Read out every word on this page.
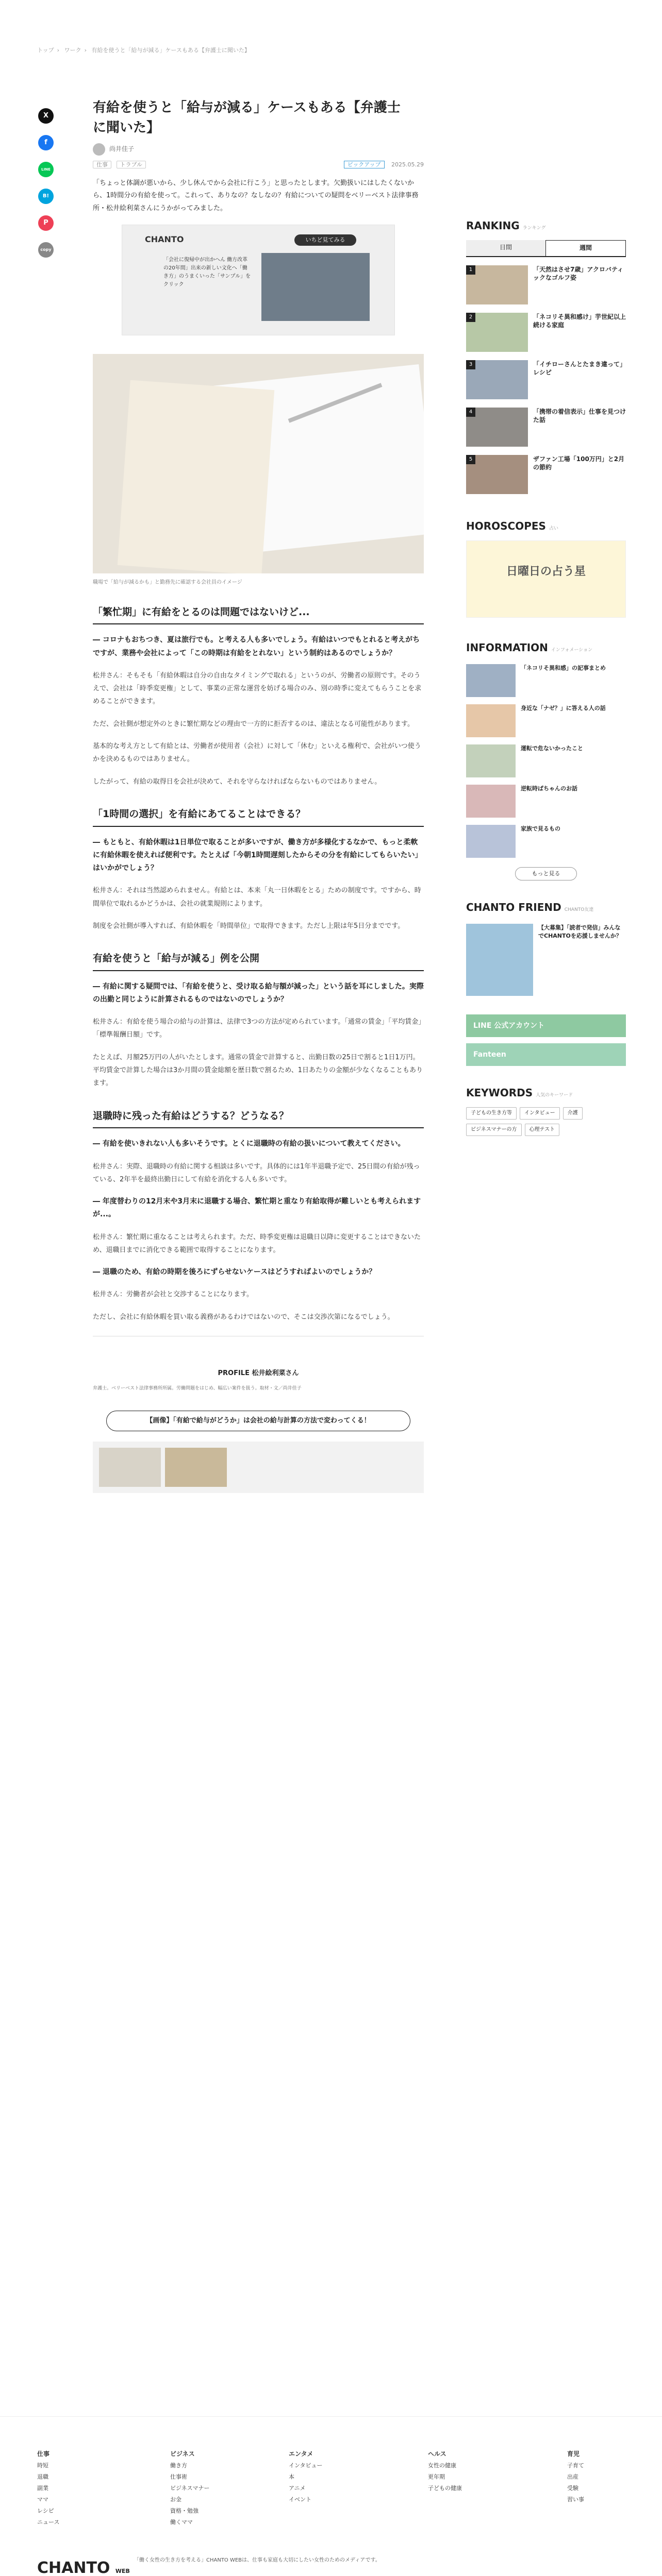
トップ › ワーク › 有給を使うと「給与が減る」ケースもある【弁護士に聞いた】
X
f
LINE
B!
P
copy
有給を使うと「給与が減る」ケースもある【弁護士に聞いた】
尚井佳子
仕事 トラブル	ピックアップ 2025.05.29

「ちょっと体調が悪いから、少し休んでから会社に行こう」と思ったとします。欠勤扱いにはしたくないから、1時間分の有給を使って。これって、ありなの？なしなの？有給についての疑問をベリーベスト法律事務所・松井絵利菜さんにうかがってみました。

CHANTO	いちど見てみる
「会社に復帰中が出かへん 働方改革の20年間」出来の新しい文化へ「働き方」のうまくいった「サンプル」をクリック
職場で「給与が減るかも」と勤務先に確認する会社員のイメージ
「繁忙期」に有給をとるのは問題ではないけど...
― コロナもおちつき、夏は旅行でも。と考える人も多いでしょう。有給はいつでもとれると考えがちですが、業務や会社によって「この時期は有給をとれない」という制約はあるのでしょうか？

松井さん：そもそも「有給休暇は自分の自由なタイミングで取れる」というのが、労働者の原則です。そのうえで、会社は「時季変更権」として、事業の正常な運営を妨げる場合のみ、別の時季に変えてもらうことを求めることができます。

ただ、会社側が想定外のときに繁忙期などの理由で一方的に拒否するのは、違法となる可能性があります。

基本的な考え方として有給とは、労働者が使用者（会社）に対して「休む」といえる権利で、会社がいつ使うかを決めるものではありません。

したがって、有給の取得日を会社が決めて、それを守らなければならないものではありません。

「1時間の選択」を有給にあてることはできる？
― もともと、有給休暇は1日単位で取ることが多いですが、働き方が多様化するなかで、もっと柔軟に有給休暇を使えれば便利です。たとえば「今朝1時間遅刻したからその分を有給にしてもらいたい」はいかがでしょう？

松井さん：それは当然認められません。有給とは、本来「丸一日休暇をとる」ための制度です。ですから、時間単位で取れるかどうかは、会社の就業規則によります。

制度を会社側が導入すれば、有給休暇を「時間単位」で取得できます。ただし上限は年5日分までです。

有給を使うと「給与が減る」例を公開
― 有給に関する疑問では、「有給を使うと、受け取る給与額が減った」という話を耳にしました。実際の出勤と同じように計算されるものではないのでしょうか？

松井さん：有給を使う場合の給与の計算は、法律で3つの方法が定められています。「通常の賃金」「平均賃金」「標準報酬日額」です。

たとえば、月額25万円の人がいたとします。通常の賃金で計算すると、出勤日数の25日で割ると1日1万円。平均賃金で計算した場合は3か月間の賃金総額を歴日数で割るため、1日あたりの金額が少なくなることもあります。

退職時に残った有給はどうする？どうなる？
― 有給を使いきれない人も多いそうです。とくに退職時の有給の扱いについて教えてください。

松井さん：実際、退職時の有給に関する相談は多いです。具体的には1年半退職予定で、25日間の有給が残っている、2年半を最終出勤日にして有給を消化する人も多いです。

― 年度替わりの12月末や3月末に退職する場合、繁忙期と重なり有給取得が難しいとも考えられますが...。

松井さん：繁忙期に重なることは考えられます。ただ、時季変更権は退職日以降に変更することはできないため、退職日までに消化できる範囲で取得することになります。

― 退職のため、有給の時期を後ろにずらせないケースはどうすればよいのでしょうか？

松井さん：労働者が会社と交渉することになります。

ただし、会社に有給休暇を買い取る義務があるわけではないので、そこは交渉次第になるでしょう。

PROFILE 松井絵利菜さん
弁護士。ベリーベスト法律事務所所属。労働問題をはじめ、幅広い案件を扱う。取材・文／尚井佳子
【画像】「有給で給与がどうか」は会社の給与計算の方法で変わってくる！
RANKING ランキング
日間	週間
1	「天然はさせ7歳」アクロバティックなゴルフ姿
2	「ネコリそ異和感け」芋世紀以上続ける家庭
3	「イチローさんとたまき違って」レシピ
4	「携帯の着信表示」仕事を見つけた話
5	ザファン工場「100万円」と2月の節約
HOROSCOPES 占い
日曜日の占う星
INFORMATION インフォメーション
「ネコリそ異和感」の記事まとめ
身近な「ナゼ？」に答える人の話
運転で危ないかったこと
逆転時ばちゃんのお話
家族で見るもの
もっと見る
CHANTO FRIEND CHANTO友達
【大募集】「読者で発信」みんなでCHANTOを応援しませんか？
LINE 公式アカウント
Fanteen
KEYWORDS 人気のキーワード
子どもの生き方等	インタビュー	介護
ビジネスマナーの方	心理テスト
仕事
時短
退職
副業
ママ
レシピ
ニュース
ビジネス
働き方
仕事術
ビジネスマナー
お金
資格・勉強
働くママ
エンタメ
インタビュー
本
アニメ
イベント
ヘルス
女性の健康
更年期
子どもの健康
育児
子育て
出産
受験
習い事

CHANTO WEB
「働く女性の生き方を考える」CHANTO WEBは、仕事も家庭も大切にしたい女性のためのメディアです。
